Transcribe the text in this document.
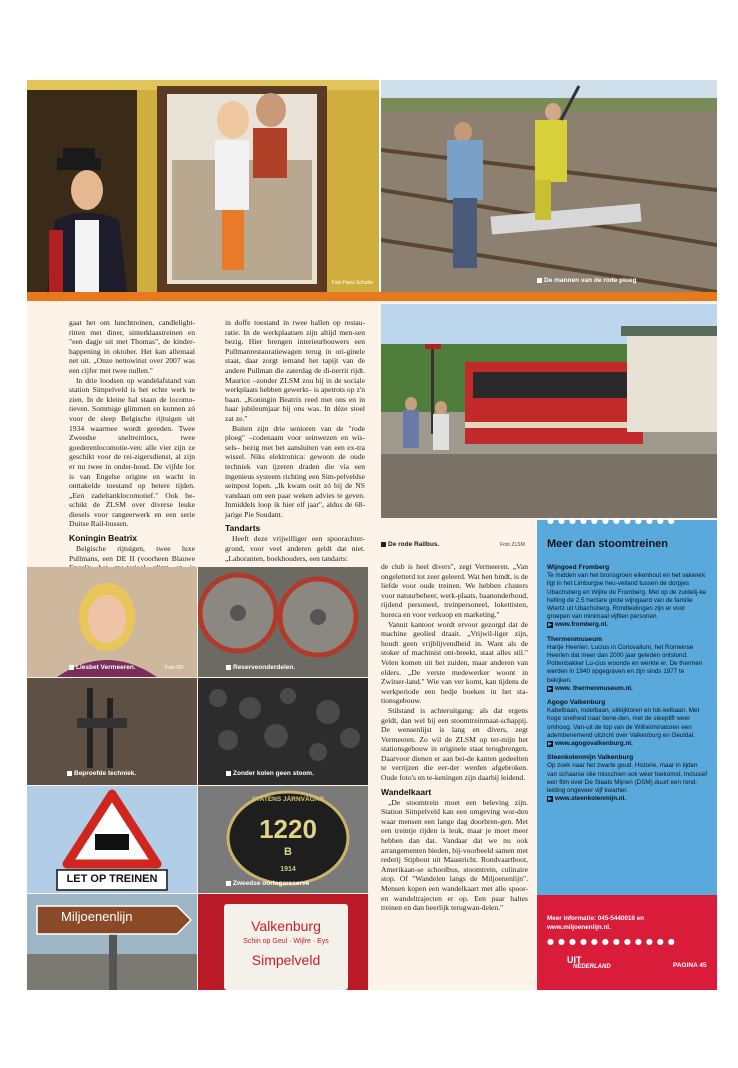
Foto Hans Schutte	De mannen van de rode ploeg
De rode Railbus.	Foto ZLSM

gaat het om lunchtreinen, candlelight-ritten met diner, sinterklaastreinen en "een dagje uit met Thomas", de kinder-happening in oktober. Het kan allemaal net uit. „Onze nettowinst over 2007 was een cijfer met twee nullen."

In drie loodsen op wandelafstand van station Simpelveld is het echte werk te zien. In de kleine hal staan de locomo-tieven. Sommige glimmen en kunnen zó voor de sleep Belgische rijtuigen uit 1934 waarmee wordt gereden. Twee Zweedse sneltreinlocs, twee goederenlocomotie-ven: alle vier zijn ze geschikt voor de rei-zigersdienst, al zijn er nu twee in onder-houd. De vijfde loc is van Engelse origine en wacht in onttakelde toestand op betere tijden. „Een zadeltanklocomotief." Ook be-schikt de ZLSM over diverse leuke diesels voor rangeerwerk en een serie Duitse Rail-bussen.

Koningin Beatrix

Belgische rijtuigen, twee luxe Pullmans, een DE II (voorheen Blauwe

in doffe toestand in twee hallen op restau-ratie. In de werkplaatsen zijn altijd men-sen bezig. Hier brengen interieurbouwers een Pullmanrestauratiewagen terug in ori-ginele staat, daar zorgt iemand het tapijt van de andere Pullman die zaterdag de di-nerrit rijdt. Maurice –zonder ZLSM zou hij in de sociale werkplaats hebben gewerkt– is apetrots op z'n baan. „Koningin Beatrix reed met ons en in haar jubileumjaar bij ons was. In déze stoel zat ze."

Buiten zijn drie senioren van de "rode ploeg" –codenaam voor seinwezen en wis-sels– bezig met het aansluiten van een ex-tra wissel. Niks elektronica: gewoon de oude techniek van ijzeren draden die via een ingenieus systeem richting een Sim-pelveldse seinpost lopen. „Ik kwam ooit zó bij de NS vandaan om een paar weken advies te geven. Inmiddels loop ik hier elf jaar", aldus de 68-jarige Pie Soudant.

Tandarts

Heeft deze vrijwilliger een spoorachter-grond, voor veel anderen geldt dat niet. „Laboranten, boekhouders, een tandarts:

Liesbet Vermeeren.	Foto RD	Reserveonderdelen.
Beproefde techniek.	Zonder kolen geen stoom.
LET OP TREINEN
STATENS JÄRNVÄGAR
1220
B
1914
Zweedse oorlogsreserve
Miljoenenlijn
Valkenburg
Schin op Geul · Wijlre · Eys
Simpelveld

de club is heel divers", zegt Vermeeren. „Van ongeletterd tot zeer geleerd. Wat hen bindt, is de liefde voor oude treinen. We hebben clusters voor natuurbeheer, werk-plaats, baanonderhoud, rijdend personeel, treinpersoneel, lokettisten, horeca en voor verkoop en marketing."

Vanuit kantoor wordt ervoor gezorgd dat de machine geolied draait. „Vrijwil-liger zijn, houdt geen vrijblijvendheid in. Want als de stoker of machinist ont-breekt, staat alles stil." Velen komen uit het zuiden, maar anderen van elders. „De verste medewerker woont in Zwitser-land." Wie van ver komt, kan tijdens de werkperiode een bedje boeken in het sta-tionsgebouw.

Stilstand is achteruitgang: als dat ergens geldt, dan wel bij een stoomtreinmaat-schappij. De wensenlijst is lang en divers, zegt Vermeeren. Zo wil de ZLSM op ter-mijn het stationsgebouw in originele staat terugbrengen. Daarvoor dienen er aan bei-de kanten gedeelten te verrijzen die eer-der werden afgebroken. Oude foto's en te-keningen zijn daarbij leidend.

Wandelkaart

„De stoomtrein moet een beleving zijn. Station Simpelveld kan een omgeving wor-den waar mensen een lange dag doorbren-gen. Met een treintje rijden is leuk, maar je moet meer hebben dan dat. Vandaar dat we nu ook arrangementen bieden, bij-voorbeeld samen met rederij Stiphout uit Maastricht. Rondvaartboot, Amerikaan-se schoolbus, stoomtrein, culinaire stop. Of "Wandelen langs de Miljoenenlijn". Mensen kopen een wandelkaart met alle spoor-en wandeltrajecten er op. Een paar haltes treinen en dan heerlijk terugwan-delen."

Meer dan stoomtreinen
Wijngoed Fromberg

Te midden van het bronsgroen eikenhout en het vakwerk ligt in het Limburgse heu-velland tussen de dorpjes Ubachsberg en Wijlre de Fromberg. Met op de zuidelij-ke helling de 2,5 hectare grote wijngaard van de familie Wiertz uit Ubachsberg. Rondleidingen zijn er voor groepen van minimaal vijftien personen.

▶ www.fromberg.nl.

Thermenmuseum

Hartje Heerlen. Lucius in Coriovallum, het Romeinse Heerlen dat meer dan 2000 jaar geleden ontstond. Pottenbakker Lu-cius woonde en werkte er. De thermen werden in 1940 opgegraven en zijn sinds 1977 te bekijken.

▶ www. thermenmuseum.nl.

Agogo Valkenburg

Kabelbaan, rodelbaan, uitkijktoren en tok-kelbaan. Met hoge snelheid naar bene-den, met de sleeplift weer omhoog. Van-uit de top van de Wilhelminatoren een adembenemend uitzicht over Valkenburg en Geuldal.

▶ www.agogovalkenburg.nl.

Steenkolenmijn Valkenburg

Op zoek naar het zwarte goud. Historie, maar in tijden van schaarse olie misschien ook weer toekomst. Inclusief een film over De Staats Mijnen (DSM) duurt een rond-leiding ongeveer vijf kwartier.

▶ www.steenkolenmijn.nl.

●●●●●●●●●●●●
Meer informatie: 045-5440018 en
www.miljoenenlijn.nl.
●●●●●●●●●●●●
UIT
NEDERLAND	PAGINA 45
